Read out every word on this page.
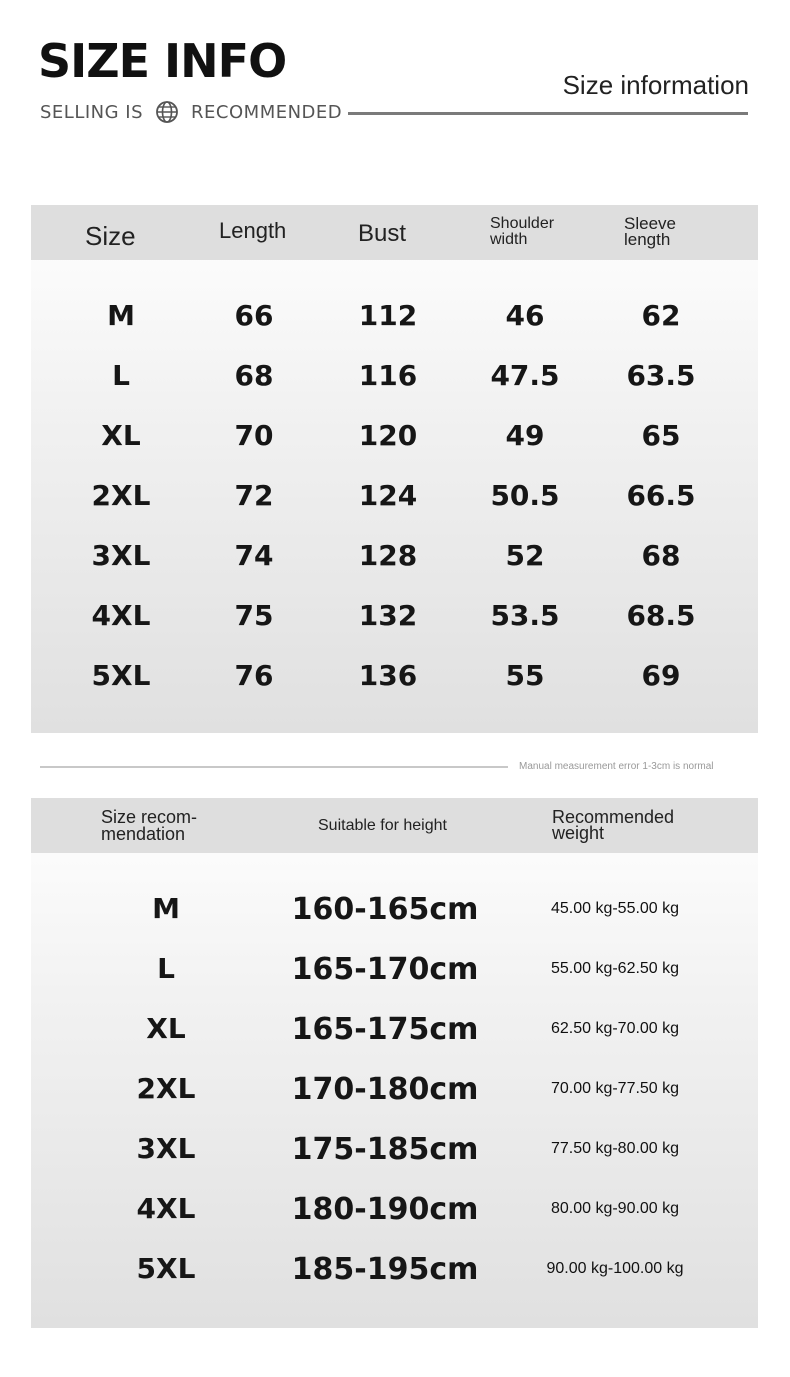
SIZE INFO
SELLING IS	RECOMMENDED
Size information
Size	Length	Bust	Shoulder
width
Sleeve
length
M	66	112	46	62
L	68	116	47.5	63.5
XL	70	120	49	65
2XL	72	124	50.5	66.5
3XL	74	128	52	68
4XL	75	132	53.5	68.5
5XL	76	136	55	69
Manual measurement error 1-3cm is normal
Size recom-
mendation	Suitable for height	Recommended
weight
M	160-165cm	45.00 kg-55.00 kg
L	165-170cm	55.00 kg-62.50 kg
XL	165-175cm	62.50 kg-70.00 kg
2XL	170-180cm	70.00 kg-77.50 kg
3XL	175-185cm	77.50 kg-80.00 kg
4XL	180-190cm	80.00 kg-90.00 kg
5XL	185-195cm	90.00 kg-100.00 kg
